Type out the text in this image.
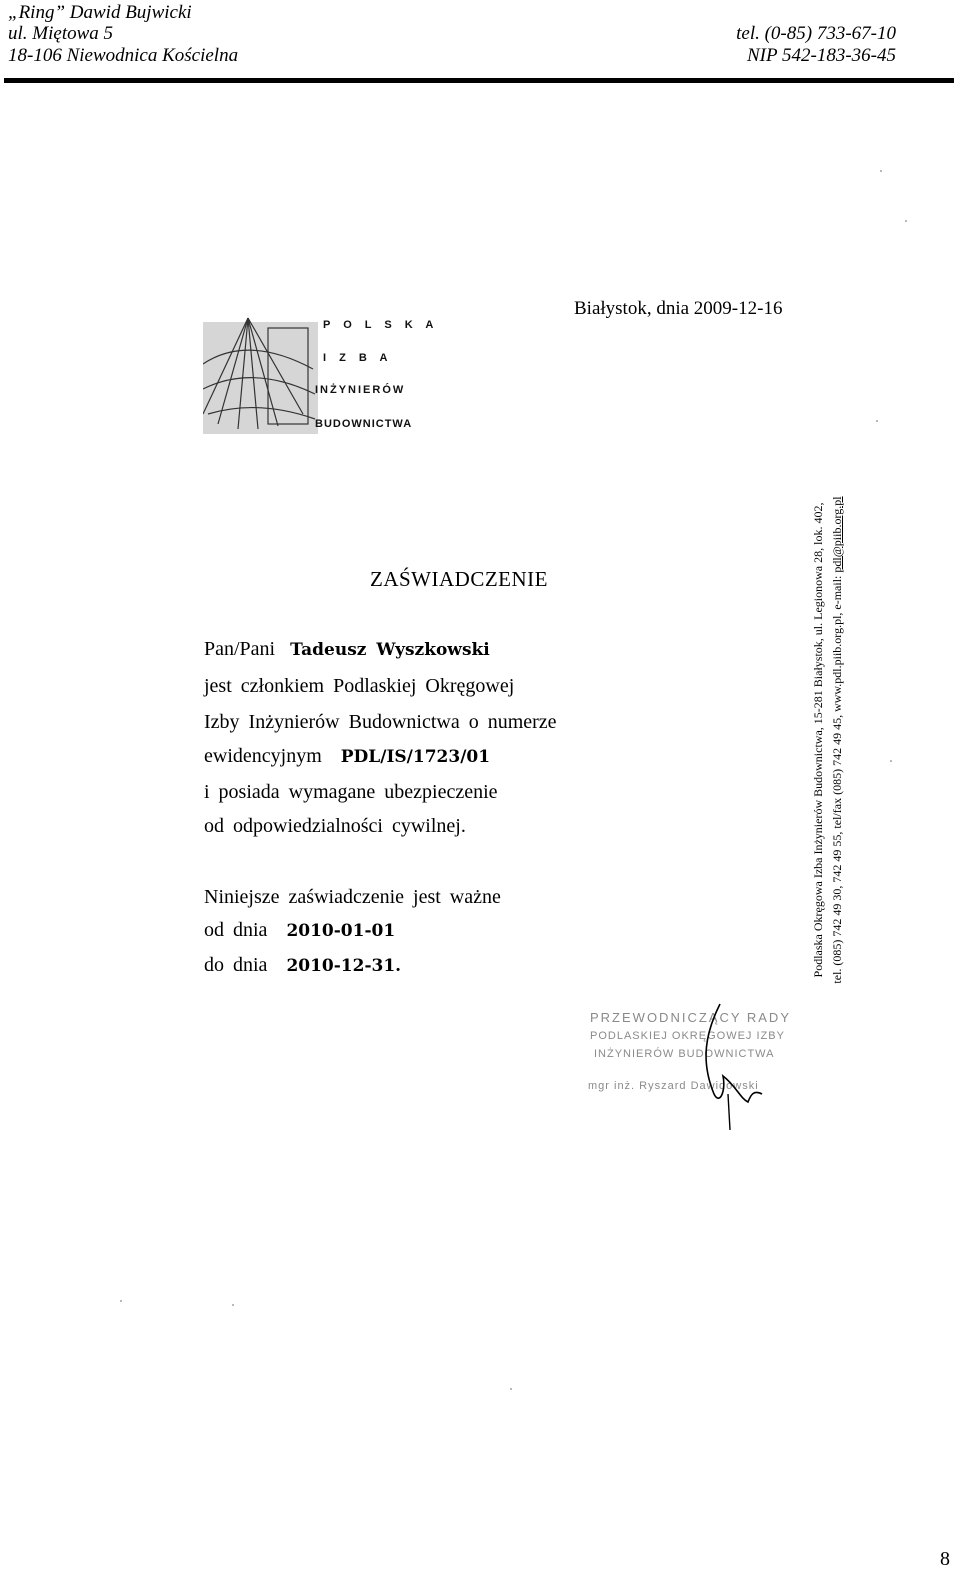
„Ring” Dawid Bujwicki
ul. Miętowa 5
18-106 Niewodnica Kościelna
tel. (0-85) 733-67-10
NIP 542-183-36-45
Białystok, dnia 2009-12-16
P O L S K A
I Z B A
INŻYNIERÓW
BUDOWNICTWA
ZAŚWIADCZENIE
Pan/Pani Tadeusz Wyszkowski
jest członkiem Podlaskiej Okręgowej
Izby Inżynierów Budownictwa o numerze
ewidencyjnym PDL/IS/1723/01
i posiada wymagane ubezpieczenie
od odpowiedzialności cywilnej.
Niniejsze zaświadczenie jest ważne
od dnia 2010-01-01
do dnia 2010-12-31.	Podlaska Okręgowa Izba Inżynierów Budownictwa, 15-281 Białystok, ul. Legionowa 28, lok. 402, tel. (085) 742 49 30, 742 49 55, tel/fax (085) 742 49 45, www.pdl.piib.org.pl, e-mail: pdl@piib.org.pl
PRZEWODNICZĄCY RADY
PODLASKIEJ OKRĘGOWEJ IZBY
INŻYNIERÓW BUDOWNICTWA
mgr inż. Ryszard Dawidowski
8
